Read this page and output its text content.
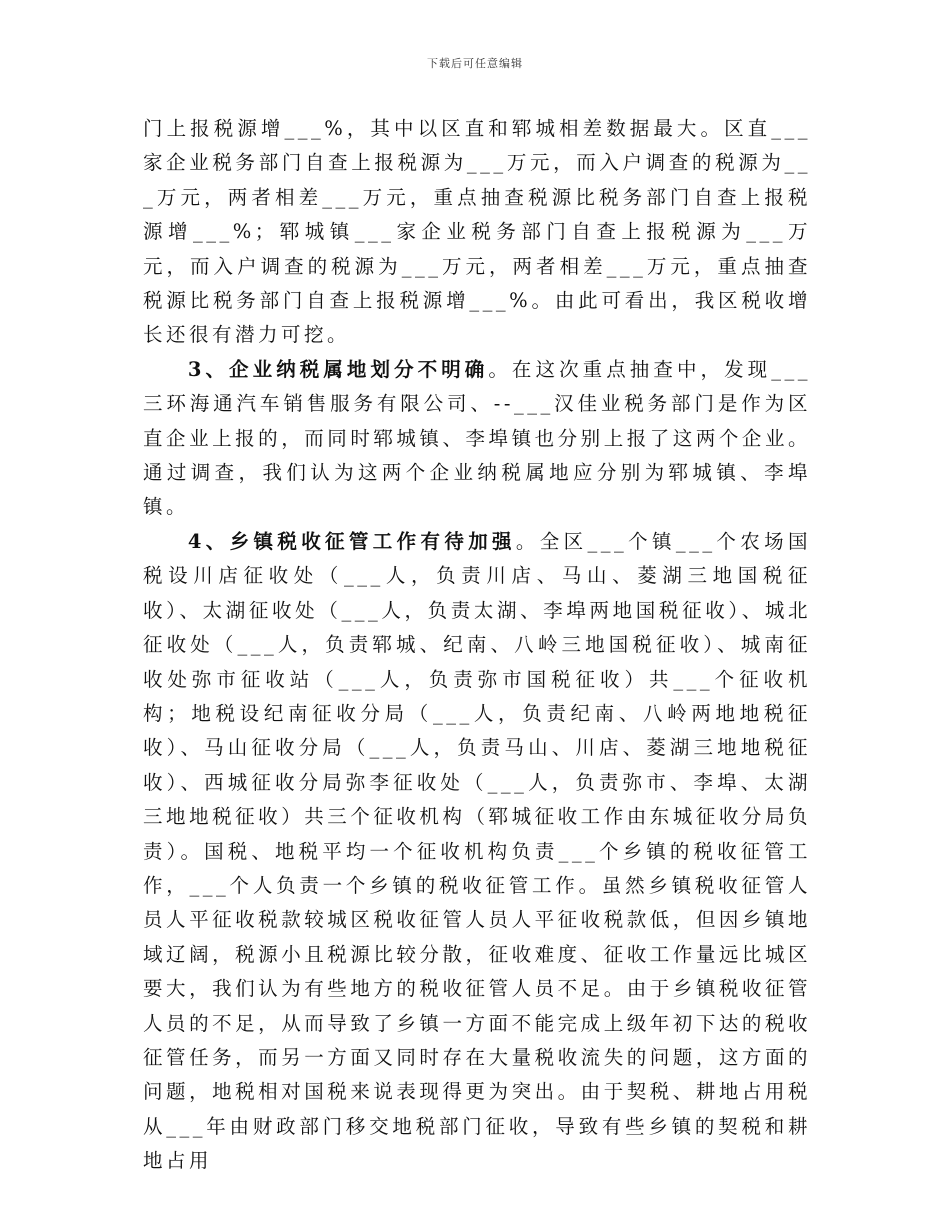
下载后可任意编辑

门上报税源增___%，其中以区直和郓城相差数据最大。区直___家企业税务部门自查上报税源为___万元，而入户调查的税源为___万元，两者相差___万元，重点抽查税源比税务部门自查上报税源增___%；郓城镇___家企业税务部门自查上报税源为___万元，而入户调查的税源为___万元，两者相差___万元，重点抽查税源比税务部门自查上报税源增___%。由此可看出，我区税收增长还很有潜力可挖。

3、企业纳税属地划分不明确。在这次重点抽查中，发现___三环海通汽车销售服务有限公司、--___汉佳业税务部门是作为区直企业上报的，而同时郓城镇、李埠镇也分别上报了这两个企业。通过调查，我们认为这两个企业纳税属地应分别为郓城镇、李埠镇。

4、乡镇税收征管工作有待加强。全区___个镇___个农场国税设川店征收处（___人，负责川店、马山、菱湖三地国税征收）、太湖征收处（___人，负责太湖、李埠两地国税征收）、城北征收处（___人，负责郓城、纪南、八岭三地国税征收）、城南征收处弥市征收站（___人，负责弥市国税征收）共___个征收机构；地税设纪南征收分局（___人，负责纪南、八岭两地地税征收）、马山征收分局（___人，负责马山、川店、菱湖三地地税征收）、西城征收分局弥李征收处（___人，负责弥市、李埠、太湖三地地税征收）共三个征收机构（郓城征收工作由东城征收分局负责）。国税、地税平均一个征收机构负责___个乡镇的税收征管工作，___个人负责一个乡镇的税收征管工作。虽然乡镇税收征管人员人平征收税款较城区税收征管人员人平征收税款低，但因乡镇地域辽阔，税源小且税源比较分散，征收难度、征收工作量远比城区要大，我们认为有些地方的税收征管人员不足。由于乡镇税收征管人员的不足，从而导致了乡镇一方面不能完成上级年初下达的税收征管任务，而另一方面又同时存在大量税收流失的问题，这方面的问题，地税相对国税来说表现得更为突出。由于契税、耕地占用税从___年由财政部门移交地税部门征收，导致有些乡镇的契税和耕地占用
